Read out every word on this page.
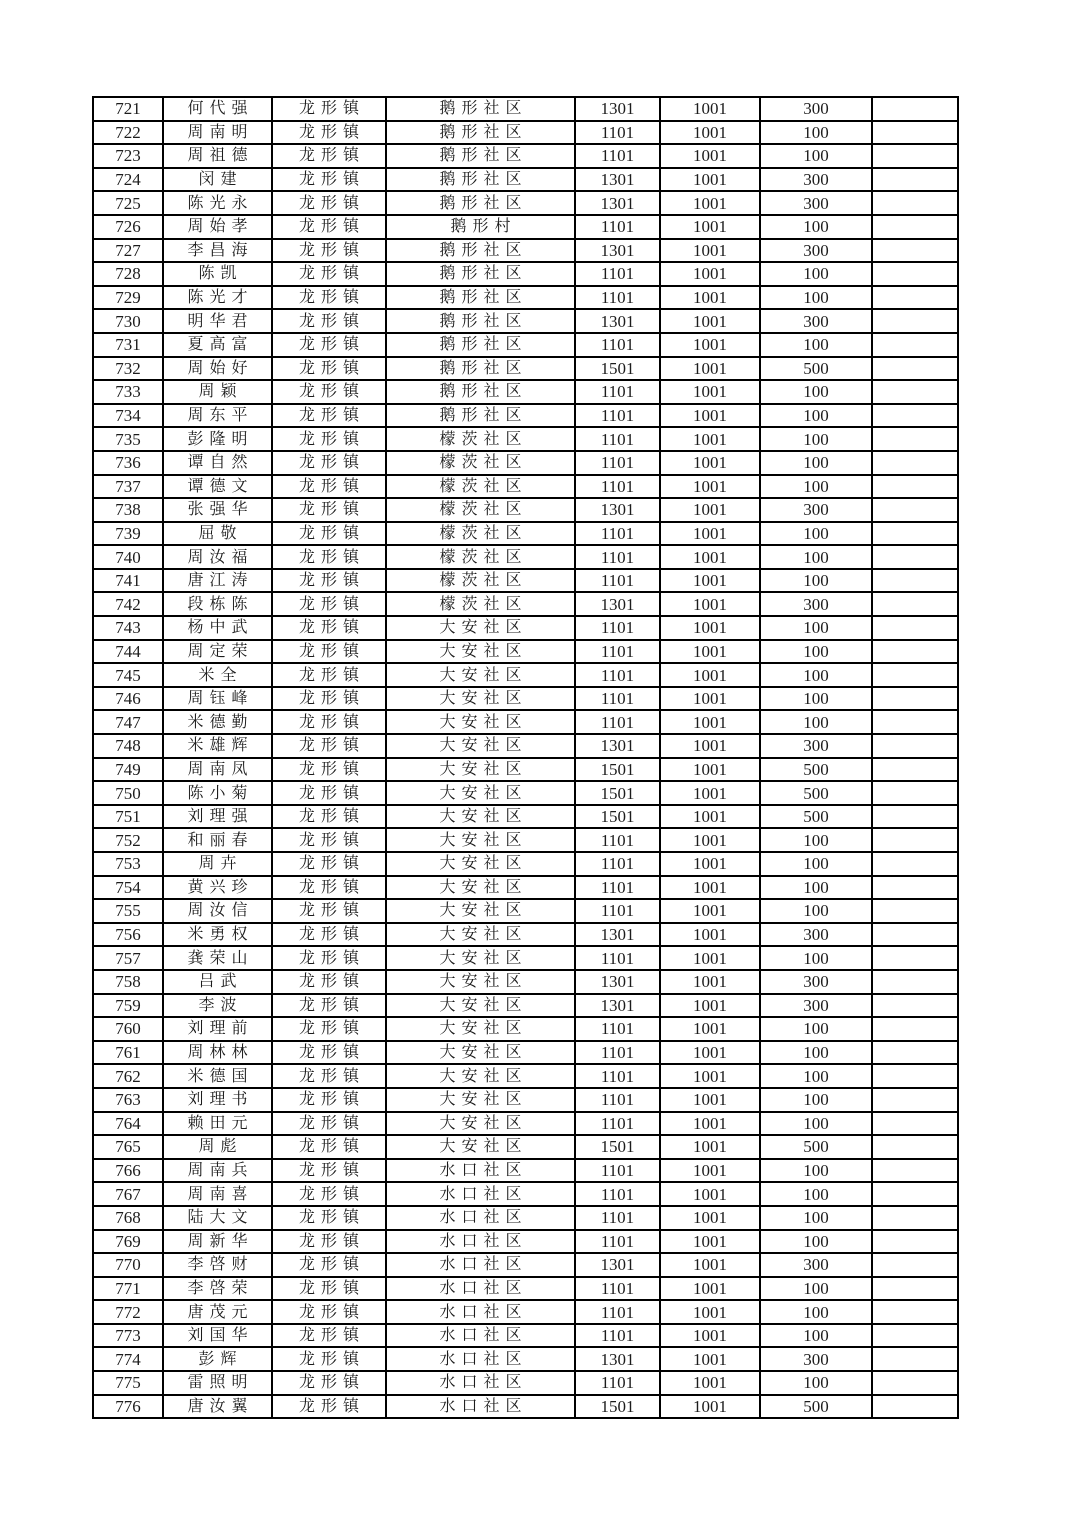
721	何代强	龙形镇	鹅形社区	1301	1001	300	
722	周南明	龙形镇	鹅形社区	1101	1001	100	
723	周祖德	龙形镇	鹅形社区	1101	1001	100	
724	闵建	龙形镇	鹅形社区	1301	1001	300	
725	陈光永	龙形镇	鹅形社区	1301	1001	300	
726	周始孝	龙形镇	鹅形村	1101	1001	100	
727	李昌海	龙形镇	鹅形社区	1301	1001	300	
728	陈凯	龙形镇	鹅形社区	1101	1001	100	
729	陈光才	龙形镇	鹅形社区	1101	1001	100	
730	明华君	龙形镇	鹅形社区	1301	1001	300	
731	夏高富	龙形镇	鹅形社区	1101	1001	100	
732	周始好	龙形镇	鹅形社区	1501	1001	500	
733	周颖	龙形镇	鹅形社区	1101	1001	100	
734	周东平	龙形镇	鹅形社区	1101	1001	100	
735	彭隆明	龙形镇	檬茨社区	1101	1001	100	
736	谭自然	龙形镇	檬茨社区	1101	1001	100	
737	谭德文	龙形镇	檬茨社区	1101	1001	100	
738	张强华	龙形镇	檬茨社区	1301	1001	300	
739	屈敬	龙形镇	檬茨社区	1101	1001	100	
740	周汝福	龙形镇	檬茨社区	1101	1001	100	
741	唐江涛	龙形镇	檬茨社区	1101	1001	100	
742	段栋陈	龙形镇	檬茨社区	1301	1001	300	
743	杨中武	龙形镇	大安社区	1101	1001	100	
744	周定荣	龙形镇	大安社区	1101	1001	100	
745	米全	龙形镇	大安社区	1101	1001	100	
746	周钰峰	龙形镇	大安社区	1101	1001	100	
747	米德勤	龙形镇	大安社区	1101	1001	100	
748	米雄辉	龙形镇	大安社区	1301	1001	300	
749	周南凤	龙形镇	大安社区	1501	1001	500	
750	陈小菊	龙形镇	大安社区	1501	1001	500	
751	刘理强	龙形镇	大安社区	1501	1001	500	
752	和丽春	龙形镇	大安社区	1101	1001	100	
753	周卉	龙形镇	大安社区	1101	1001	100	
754	黄兴珍	龙形镇	大安社区	1101	1001	100	
755	周汝信	龙形镇	大安社区	1101	1001	100	
756	米勇权	龙形镇	大安社区	1301	1001	300	
757	龚荣山	龙形镇	大安社区	1101	1001	100	
758	吕武	龙形镇	大安社区	1301	1001	300	
759	李波	龙形镇	大安社区	1301	1001	300	
760	刘理前	龙形镇	大安社区	1101	1001	100	
761	周林林	龙形镇	大安社区	1101	1001	100	
762	米德国	龙形镇	大安社区	1101	1001	100	
763	刘理书	龙形镇	大安社区	1101	1001	100	
764	赖田元	龙形镇	大安社区	1101	1001	100	
765	周彪	龙形镇	大安社区	1501	1001	500	
766	周南兵	龙形镇	水口社区	1101	1001	100	
767	周南喜	龙形镇	水口社区	1101	1001	100	
768	陆大文	龙形镇	水口社区	1101	1001	100	
769	周新华	龙形镇	水口社区	1101	1001	100	
770	李啓财	龙形镇	水口社区	1301	1001	300	
771	李啓荣	龙形镇	水口社区	1101	1001	100	
772	唐茂元	龙形镇	水口社区	1101	1001	100	
773	刘国华	龙形镇	水口社区	1101	1001	100	
774	彭辉	龙形镇	水口社区	1301	1001	300	
775	雷照明	龙形镇	水口社区	1101	1001	100	
776	唐汝翼	龙形镇	水口社区	1501	1001	500	
